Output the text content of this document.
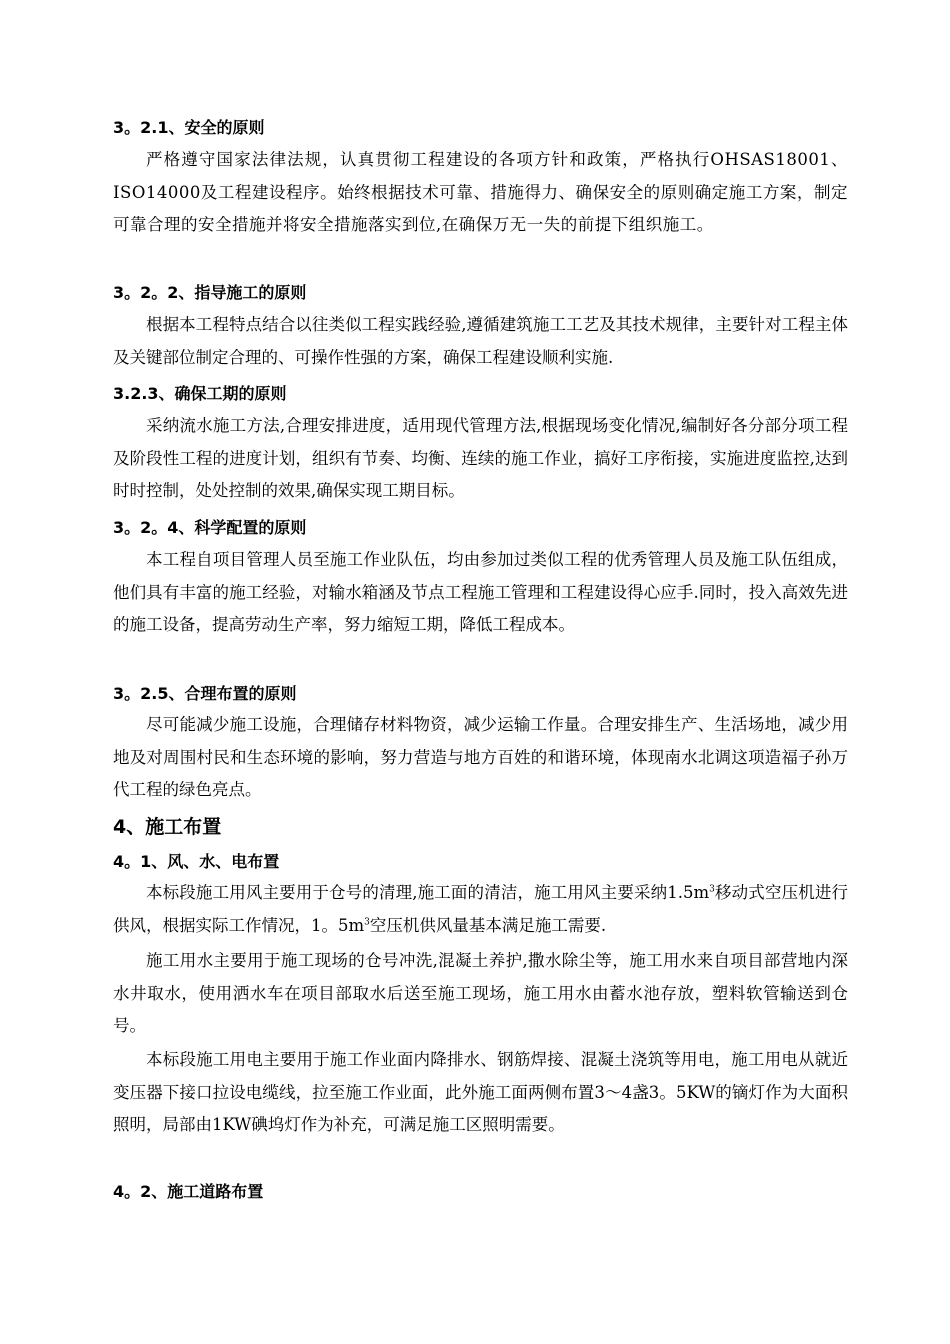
3。2.1、安全的原则

严格遵守国家法律法规，认真贯彻工程建设的各项方针和政策，严格执行OHSAS18001、ISO14000及工程建设程序。始终根据技术可靠、措施得力、确保安全的原则确定施工方案，制定可靠合理的安全措施并将安全措施落实到位,在确保万无一失的前提下组织施工。

3。2。2、指导施工的原则

根据本工程特点结合以往类似工程实践经验,遵循建筑施工工艺及其技术规律，主要针对工程主体及关键部位制定合理的、可操作性强的方案，确保工程建设顺利实施.

3.2.3、确保工期的原则

采纳流水施工方法,合理安排进度，适用现代管理方法,根据现场变化情况,编制好各分部分项工程及阶段性工程的进度计划，组织有节奏、均衡、连续的施工作业，搞好工序衔接，实施进度监控,达到时时控制，处处控制的效果,确保实现工期目标。

3。2。4、科学配置的原则

本工程自项目管理人员至施工作业队伍，均由参加过类似工程的优秀管理人员及施工队伍组成，他们具有丰富的施工经验，对输水箱涵及节点工程施工管理和工程建设得心应手.同时，投入高效先进的施工设备，提高劳动生产率，努力缩短工期，降低工程成本。

3。2.5、合理布置的原则

尽可能减少施工设施，合理储存材料物资，减少运输工作量。合理安排生产、生活场地，减少用地及对周围村民和生态环境的影响，努力营造与地方百姓的和谐环境，体现南水北调这项造福子孙万代工程的绿色亮点。

4、施工布置
4。1、风、水、电布置

本标段施工用风主要用于仓号的清理,施工面的清洁，施工用风主要采纳$1.5m^3$移动式空压机进行供风，根据实际工作情况，1。$5m^3$空压机供风量基本满足施工需要.

施工用水主要用于施工现场的仓号冲洗,混凝土养护,撒水除尘等，施工用水来自项目部营地内深水井取水，使用洒水车在项目部取水后送至施工现场，施工用水由蓄水池存放，塑料软管输送到仓号。

本标段施工用电主要用于施工作业面内降排水、钢筋焊接、混凝土浇筑等用电，施工用电从就近变压器下接口拉设电缆线，拉至施工作业面，此外施工面两侧布置3～4盏3。5KW的镝灯作为大面积照明，局部由1KW碘坞灯作为补充，可满足施工区照明需要。

4。2、施工道路布置
